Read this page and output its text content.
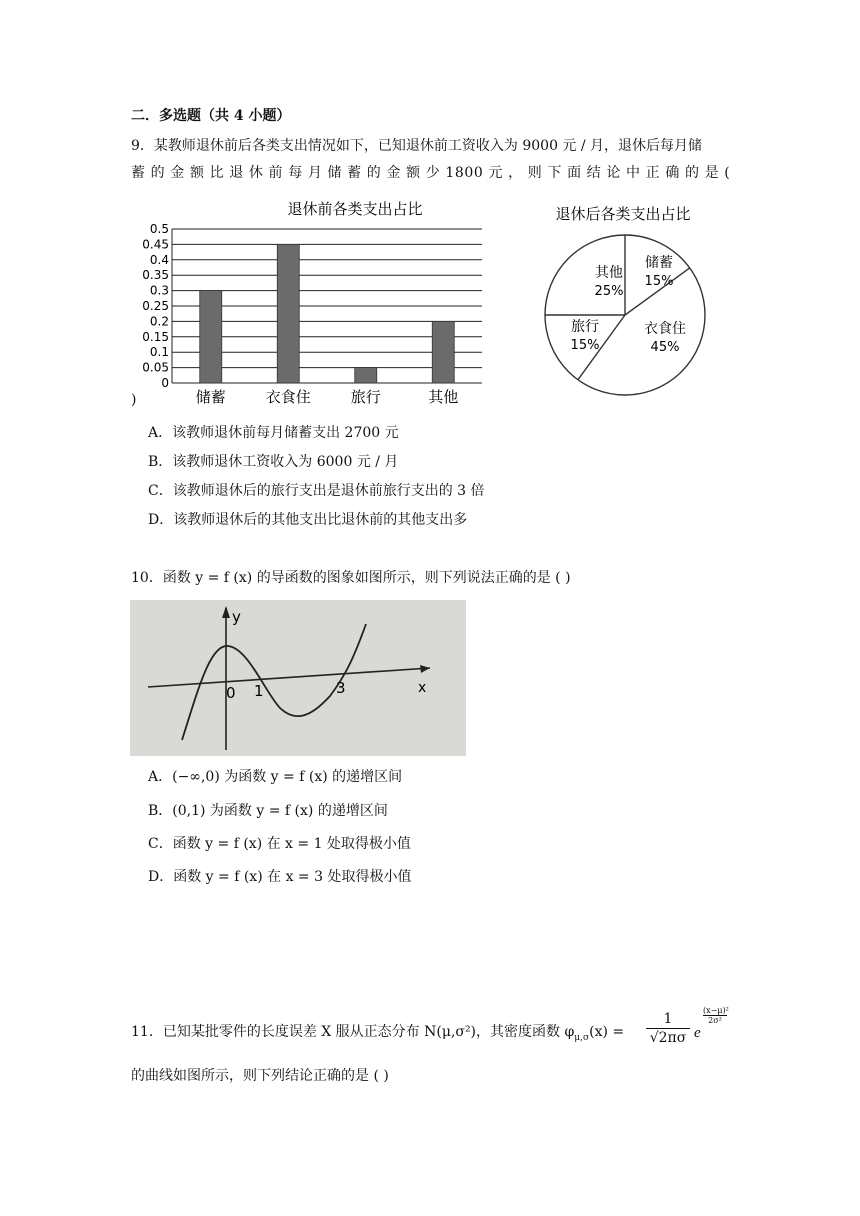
二．多选题（共 4 小题）
9．某教师退休前后各类支出情况如下，已知退休前工资收入为 9000 元 / 月，退休后每月储
蓄 的 金 额 比 退 休 前 每 月 储 蓄 的 金 额 少 1800 元 ， 则 下 面 结 论 中 正 确 的 是 (
退休前各类支出占比
0
0.05
0.1
0.15
0.2
0.25
0.3
0.35
0.4
0.45
0.5
储蓄	衣食住	旅行	其他
)
退休后各类支出占比
储蓄
15%
衣食住
45%
旅行
15%
其他
25%
A．该教师退休前每月储蓄支出 2700 元
B．该教师退休工资收入为 6000 元 / 月
C．该教师退休后的旅行支出是退休前旅行支出的 3 倍
D．该教师退休后的其他支出比退休前的其他支出多
10．函数 y = f (x) 的导函数的图象如图所示，则下列说法正确的是 ( )
y
x
0 1	3
A．(−∞,0) 为函数 y = f (x) 的递增区间
B．(0,1) 为函数 y = f (x) 的递增区间
C．函数 y = f (x) 在 x = 1 处取得极小值
D．函数 y = f (x) 在 x = 3 处取得极小值
11．已知某批零件的长度误差 X 服从正态分布 N(μ,σ²)，其密度函数 $\varphi_{\mu,\sigma}(x)$ =
1
√2πσ e
(x−μ)²
2σ²
的曲线如图所示，则下列结论正确的是 ( )
